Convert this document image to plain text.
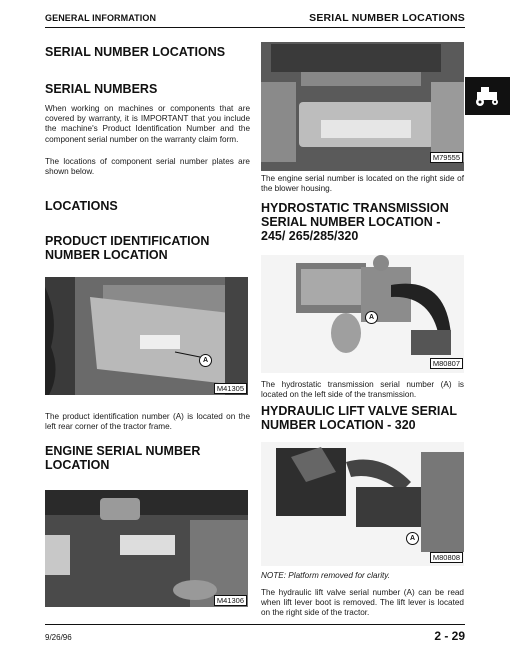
GENERAL INFORMATION	SERIAL NUMBER LOCATIONS
SERIAL NUMBER LOCATIONS
SERIAL NUMBERS
When working on machines or components that are covered by warranty, it is IMPORTANT that you include the machine's Product Identification Number and the component serial number on the warranty claim form.
The locations of component serial number plates are shown below.
LOCATIONS
PRODUCT IDENTIFICATION NUMBER LOCATION
A
M41305
The product identification number (A) is located on the left rear corner of the tractor frame.
ENGINE SERIAL NUMBER LOCATION
M41306
M79555
The engine serial number is located on the right side of the blower housing.
HYDROSTATIC TRANSMISSION SERIAL NUMBER LOCATION - 245/ 265/285/320
A
M80807
The hydrostatic transmission serial number (A) is located on the left side of the transmission.
HYDRAULIC LIFT VALVE SERIAL NUMBER LOCATION - 320
A
M80808
NOTE: Platform removed for clarity.
The hydraulic lift valve serial number (A) can be read when lift lever boot is removed. The lift lever is located on the right side of the tractor.
9/26/96	2 - 29
